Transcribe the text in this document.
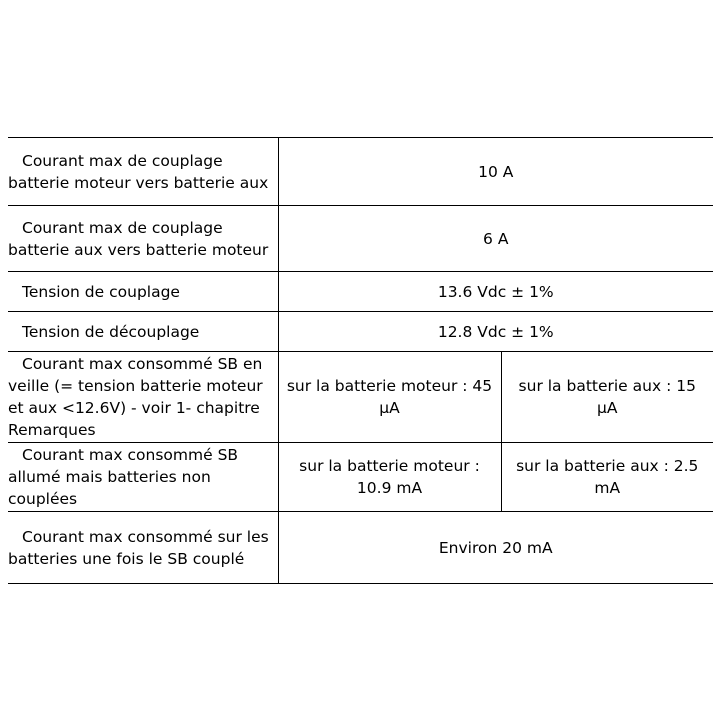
Courant max de couplage batterie moteur vers batterie aux	10 A	
Courant max de couplage batterie aux vers batterie moteur	6 A	
Tension de couplage	13.6 Vdc ± 1%	
Tension de découplage	12.8 Vdc ± 1%	
Courant max consommé SB en veille (= tension batterie moteur et aux <12.6V) - voir 1- chapitre Remarques	sur la batterie moteur : 45 µA	sur la batterie aux : 15 µA
Courant max consommé SB allumé mais batteries non couplées	sur la batterie moteur : 10.9 mA	sur la batterie aux : 2.5 mA
Courant max consommé sur les batteries une fois le SB couplé	Environ 20 mA	
